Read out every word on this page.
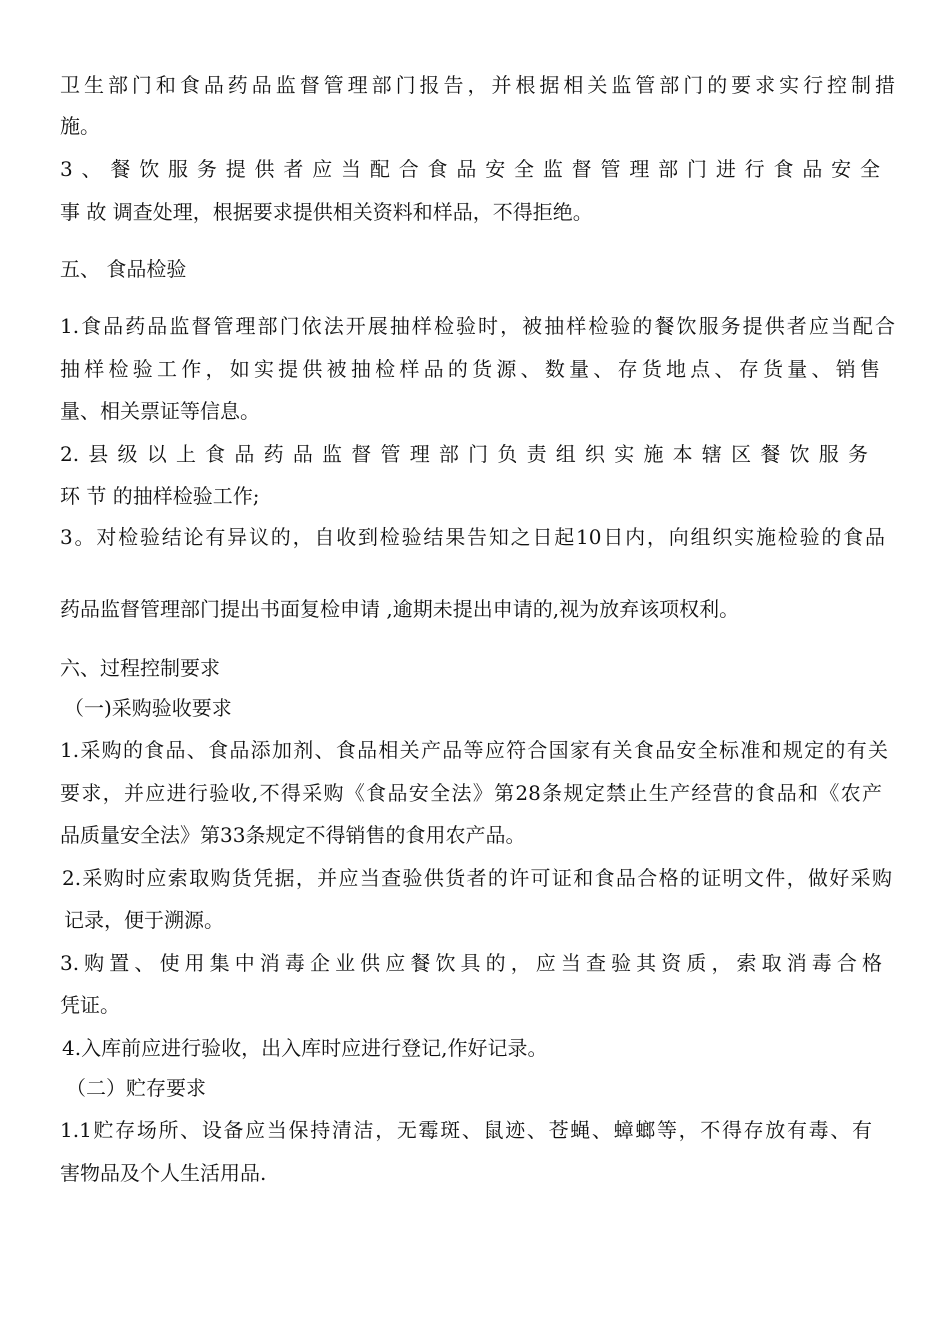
卫生部门和食品药品监督管理部门报告，并根据相关监管部门的要求实行控制措
施。
3、餐饮服务提供者应当配合食品安全监督管理部门进行食品安全
事 故 调查处理，根据要求提供相关资料和样品，不得拒绝。
五、 食品检验
1.食品药品监督管理部门依法开展抽样检验时，被抽样检验的餐饮服务提供者应当配合
抽样检验工作，如实提供被抽检样品的货源、数量、存货地点、存货量、销售
量、相关票证等信息。
2.县级以上食品药品监督管理部门负责组织实施本辖区餐饮服务
环 节 的抽样检验工作;
3。对检验结论有异议的，自收到检验结果告知之日起10日内，向组织实施检验的食品
药品监督管理部门提出书面复检申请 ,逾期未提出申请的,视为放弃该项权利。
六、过程控制要求
（一)采购验收要求
1.采购的食品、食品添加剂、食品相关产品等应符合国家有关食品安全标准和规定的有关
要求，并应进行验收,不得采购《食品安全法》第28条规定禁止生产经营的食品和《农产
品质量安全法》第33条规定不得销售的食用农产品。
2.采购时应索取购货凭据，并应当查验供货者的许可证和食品合格的证明文件，做好采购
记录，便于溯源。
3.购置、使用集中消毒企业供应餐饮具的，应当查验其资质，索取消毒合格
凭证。
4.入库前应进行验收，出入库时应进行登记,作好记录。
（二）贮存要求
1.1贮存场所、设备应当保持清洁，无霉斑、鼠迹、苍蝇、蟑螂等，不得存放有毒、有
害物品及个人生活用品.
